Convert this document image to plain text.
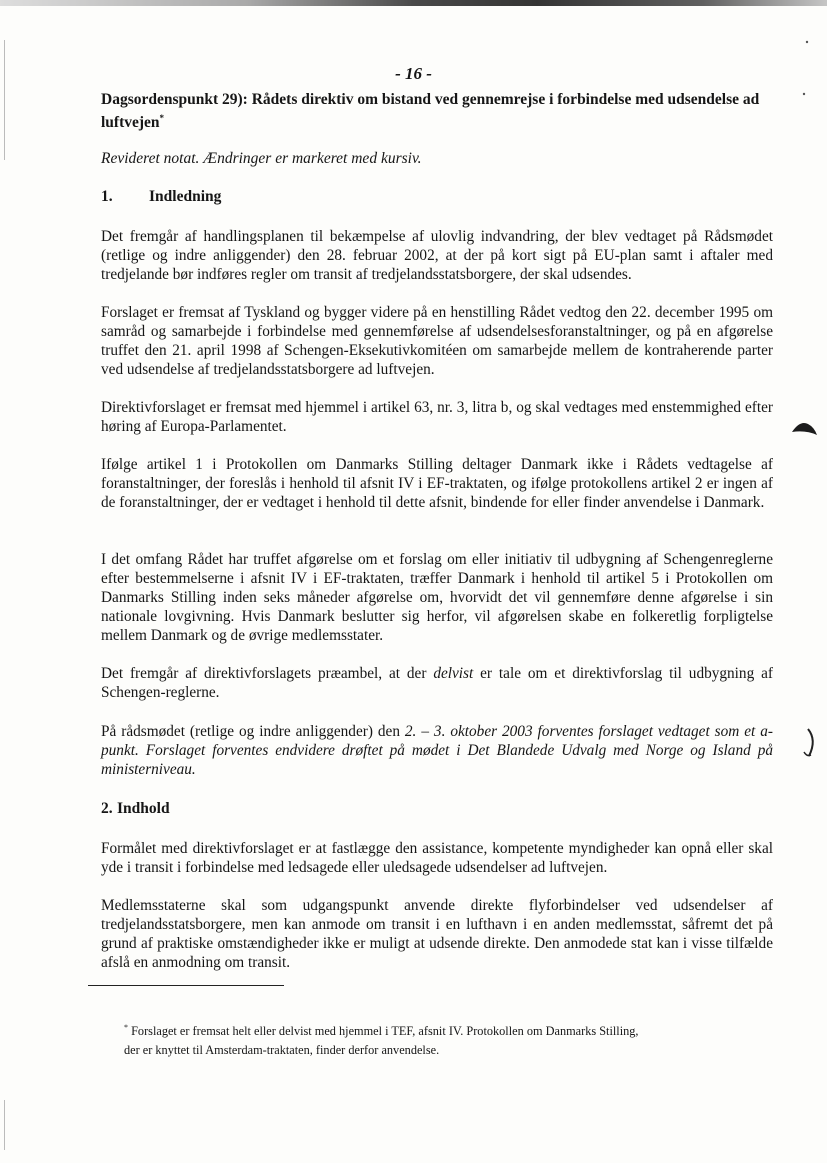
- 16 -
Dagsordenspunkt 29): Rådets direktiv om bistand ved gennemrejse i forbindelse med udsendelse ad luftvejen*
Revideret notat. Ændringer er markeret med kursiv.
1. Indledning
Det fremgår af handlingsplanen til bekæmpelse af ulovlig indvandring, der blev vedtaget på Rådsmødet (retlige og indre anliggender) den 28. februar 2002, at der på kort sigt på EU-plan samt i aftaler med tredjelande bør indføres regler om transit af tredjelandsstatsborgere, der skal udsendes.
Forslaget er fremsat af Tyskland og bygger videre på en henstilling Rådet vedtog den 22. december 1995 om samråd og samarbejde i forbindelse med gennemførelse af udsendelsesforanstaltninger, og på en afgørelse truffet den 21. april 1998 af Schengen-Eksekutivkomitéen om samarbejde mellem de kontraherende parter ved udsendelse af tredjelandsstatsborgere ad luftvejen.
Direktivforslaget er fremsat med hjemmel i artikel 63, nr. 3, litra b, og skal vedtages med enstemmighed efter høring af Europa-Parlamentet.
Ifølge artikel 1 i Protokollen om Danmarks Stilling deltager Danmark ikke i Rådets vedtagelse af foranstaltninger, der foreslås i henhold til afsnit IV i EF-traktaten, og ifølge protokollens artikel 2 er ingen af de foranstaltninger, der er vedtaget i henhold til dette afsnit, bindende for eller finder anvendelse i Danmark.
I det omfang Rådet har truffet afgørelse om et forslag om eller initiativ til udbygning af Schengenreglerne efter bestemmelserne i afsnit IV i EF-traktaten, træffer Danmark i henhold til artikel 5 i Protokollen om Danmarks Stilling inden seks måneder afgørelse om, hvorvidt det vil gennemføre denne afgørelse i sin nationale lovgivning. Hvis Danmark beslutter sig herfor, vil afgørelsen skabe en folkeretlig forpligtelse mellem Danmark og de øvrige medlemsstater.
Det fremgår af direktivforslagets præambel, at der delvist er tale om et direktivforslag til udbygning af Schengen-reglerne.
På rådsmødet (retlige og indre anliggender) den 2. – 3. oktober 2003 forventes forslaget vedtaget som et a-punkt. Forslaget forventes endvidere drøftet på mødet i Det Blandede Udvalg med Norge og Island på ministerniveau.
2. Indhold
Formålet med direktivforslaget er at fastlægge den assistance, kompetente myndigheder kan opnå eller skal yde i transit i forbindelse med ledsagede eller uledsagede udsendelser ad luftvejen.
Medlemsstaterne skal som udgangspunkt anvende direkte flyforbindelser ved udsendelser af tredjelandsstatsborgere, men kan anmode om transit i en lufthavn i en anden medlemsstat, såfremt det på grund af praktiske omstændigheder ikke er muligt at udsende direkte. Den anmodede stat kan i visse tilfælde afslå en anmodning om transit.
* Forslaget er fremsat helt eller delvist med hjemmel i TEF, afsnit IV. Protokollen om Danmarks Stilling,
der er knyttet til Amsterdam-traktaten, finder derfor anvendelse.
